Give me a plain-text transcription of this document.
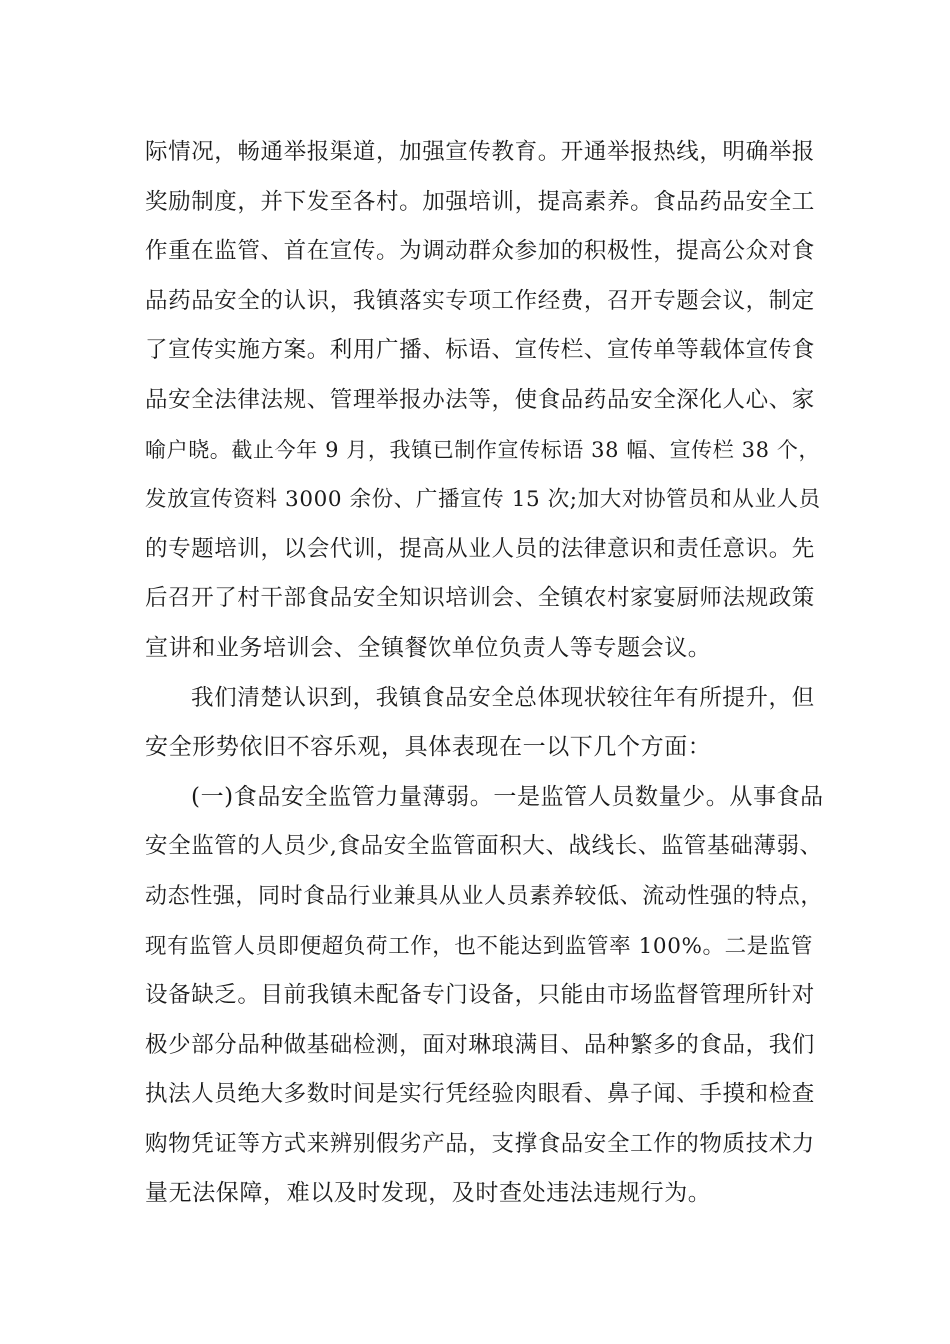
际情况，畅通举报渠道，加强宣传教育。开通举报热线，明确举报
奖励制度，并下发至各村。加强培训，提高素养。食品药品安全工
作重在监管、首在宣传。为调动群众参加的积极性，提高公众对食
品药品安全的认识，我镇落实专项工作经费，召开专题会议，制定
了宣传实施方案。利用广播、标语、宣传栏、宣传单等载体宣传食
品安全法律法规、管理举报办法等，使食品药品安全深化人心、家
喻户晓。截止今年 9 月，我镇已制作宣传标语 38 幅、宣传栏 38 个，
发放宣传资料 3000 余份、广播宣传 15 次;加大对协管员和从业人员
的专题培训，以会代训，提高从业人员的法律意识和责任意识。先
后召开了村干部食品安全知识培训会、全镇农村家宴厨师法规政策
宣讲和业务培训会、全镇餐饮单位负责人等专题会议。
我们清楚认识到，我镇食品安全总体现状较往年有所提升，但
安全形势依旧不容乐观，具体表现在一以下几个方面：
(一)食品安全监管力量薄弱。一是监管人员数量少。从事食品
安全监管的人员少,食品安全监管面积大、战线长、监管基础薄弱、
动态性强，同时食品行业兼具从业人员素养较低、流动性强的特点，
现有监管人员即便超负荷工作，也不能达到监管率 100%。二是监管
设备缺乏。目前我镇未配备专门设备，只能由市场监督管理所针对
极少部分品种做基础检测，面对琳琅满目、品种繁多的食品，我们
执法人员绝大多数时间是实行凭经验肉眼看、鼻子闻、手摸和检查
购物凭证等方式来辨别假劣产品，支撑食品安全工作的物质技术力
量无法保障，难以及时发现，及时查处违法违规行为。
